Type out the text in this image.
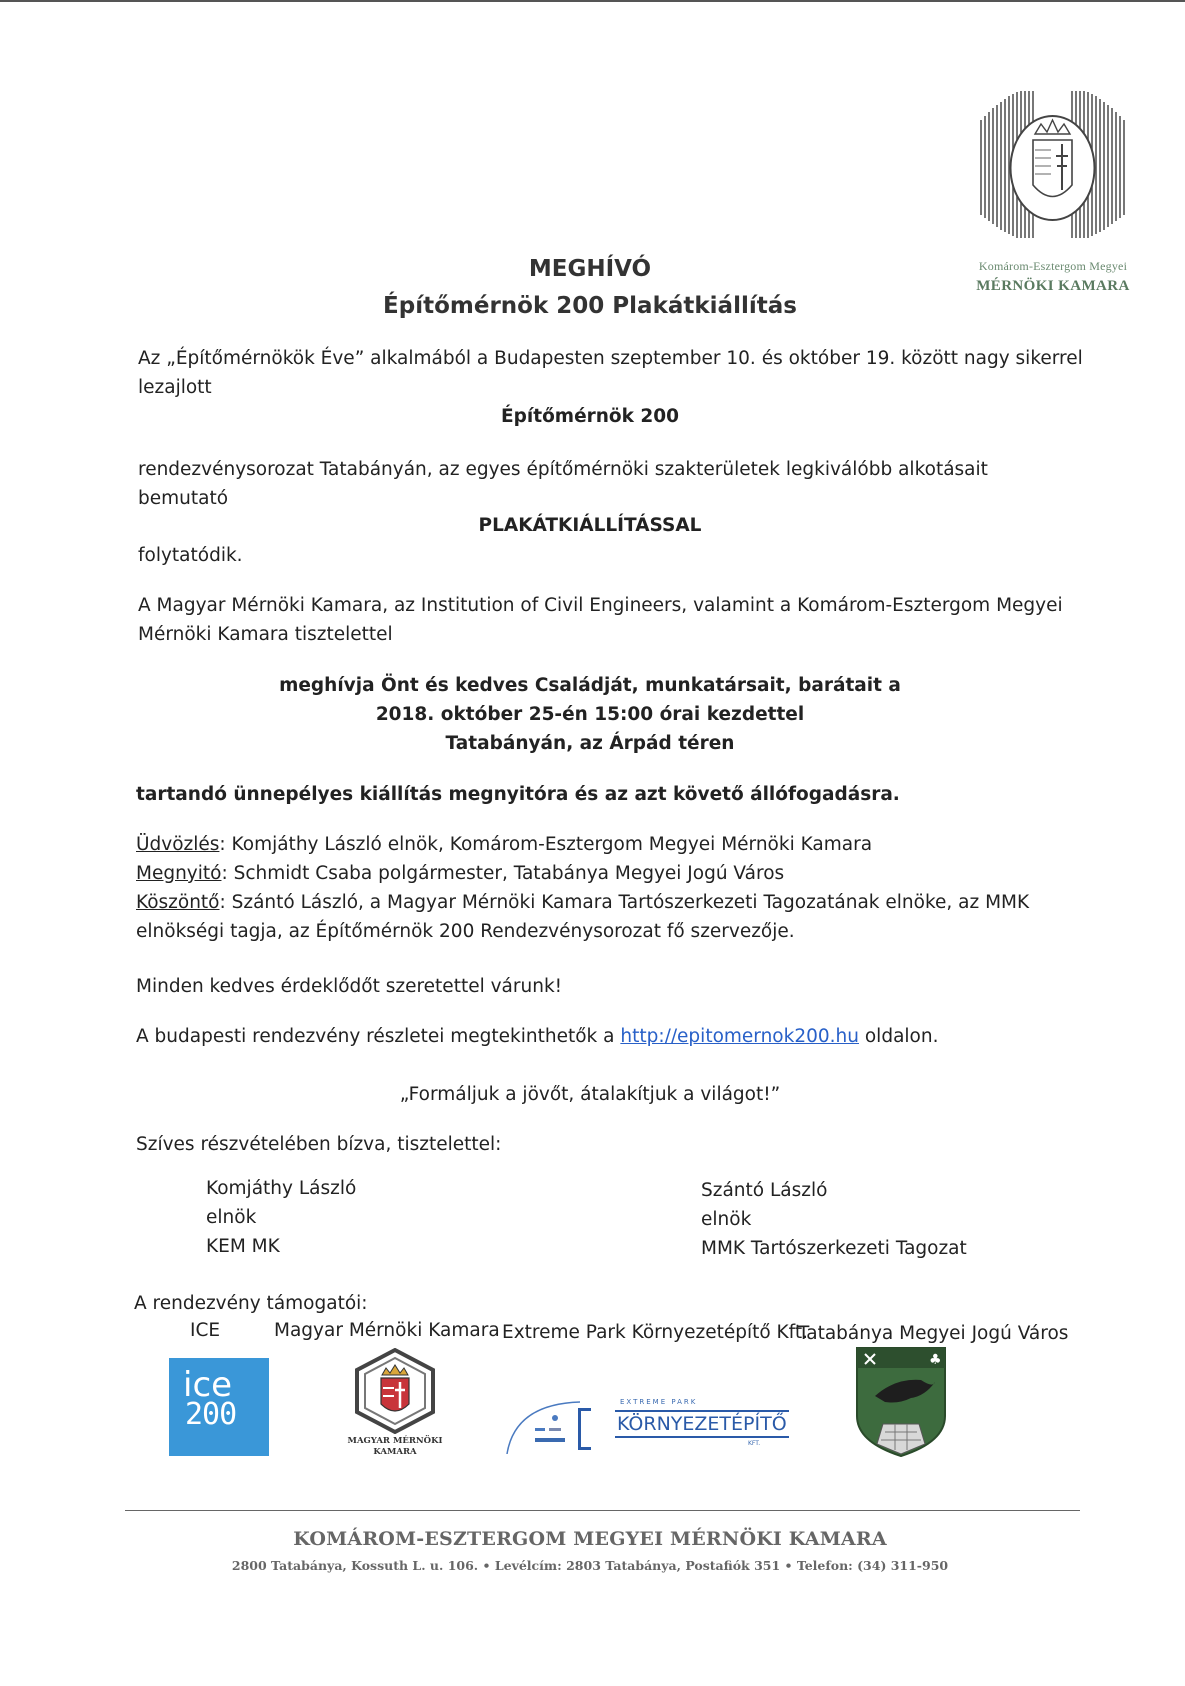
Komárom-Esztergom Megyei
MÉRNÖKI KAMARA
MEGHÍVÓ
Építőmérnök 200 Plakátkiállítás
Az „Építőmérnökök Éve” alkalmából a Budapesten szeptember 10. és október 19. között nagy sikerrel
lezajlott
Építőmérnök 200
rendezvénysorozat Tatabányán, az egyes építőmérnöki szakterületek legkiválóbb alkotásait
bemutató
PLAKÁTKIÁLLÍTÁSSAL
folytatódik.
A Magyar Mérnöki Kamara, az Institution of Civil Engineers, valamint a Komárom-Esztergom Megyei
Mérnöki Kamara tisztelettel
meghívja Önt és kedves Családját, munkatársait, barátait a
2018. október 25-én 15:00 órai kezdettel
Tatabányán, az Árpád téren
tartandó ünnepélyes kiállítás megnyitóra és az azt követő állófogadásra.
Üdvözlés: Komjáthy László elnök, Komárom-Esztergom Megyei Mérnöki Kamara
Megnyitó: Schmidt Csaba polgármester, Tatabánya Megyei Jogú Város
Köszöntő: Szántó László, a Magyar Mérnöki Kamara Tartószerkezeti Tagozatának elnöke, az MMK
elnökségi tagja, az Építőmérnök 200 Rendezvénysorozat fő szervezője.
Minden kedves érdeklődőt szeretettel várunk!
A budapesti rendezvény részletei megtekinthetők a http://epitomernok200.hu oldalon.
„Formáljuk a jövőt, átalakítjuk a világot!”
Szíves részvételében bízva, tisztelettel:
Komjáthy László
elnök
KEM MK
Szántó László
elnök
MMK Tartószerkezeti Tagozat
A rendezvény támogatói:
ICE	Magyar Mérnöki Kamara Extreme Park Környezetépítő Kft.
Tatabánya Megyei Jogú Város
ice
200
MAGYAR MÉRNÖKI
KAMARA
EXTREME PARK
KÖRNYEZETÉPÍTŐ
KFT.
♣
KOMÁROM-ESZTERGOM MEGYEI MÉRNÖKI KAMARA
2800 Tatabánya, Kossuth L. u. 106. • Levélcím: 2803 Tatabánya, Postafiók 351 • Telefon: (34) 311-950
